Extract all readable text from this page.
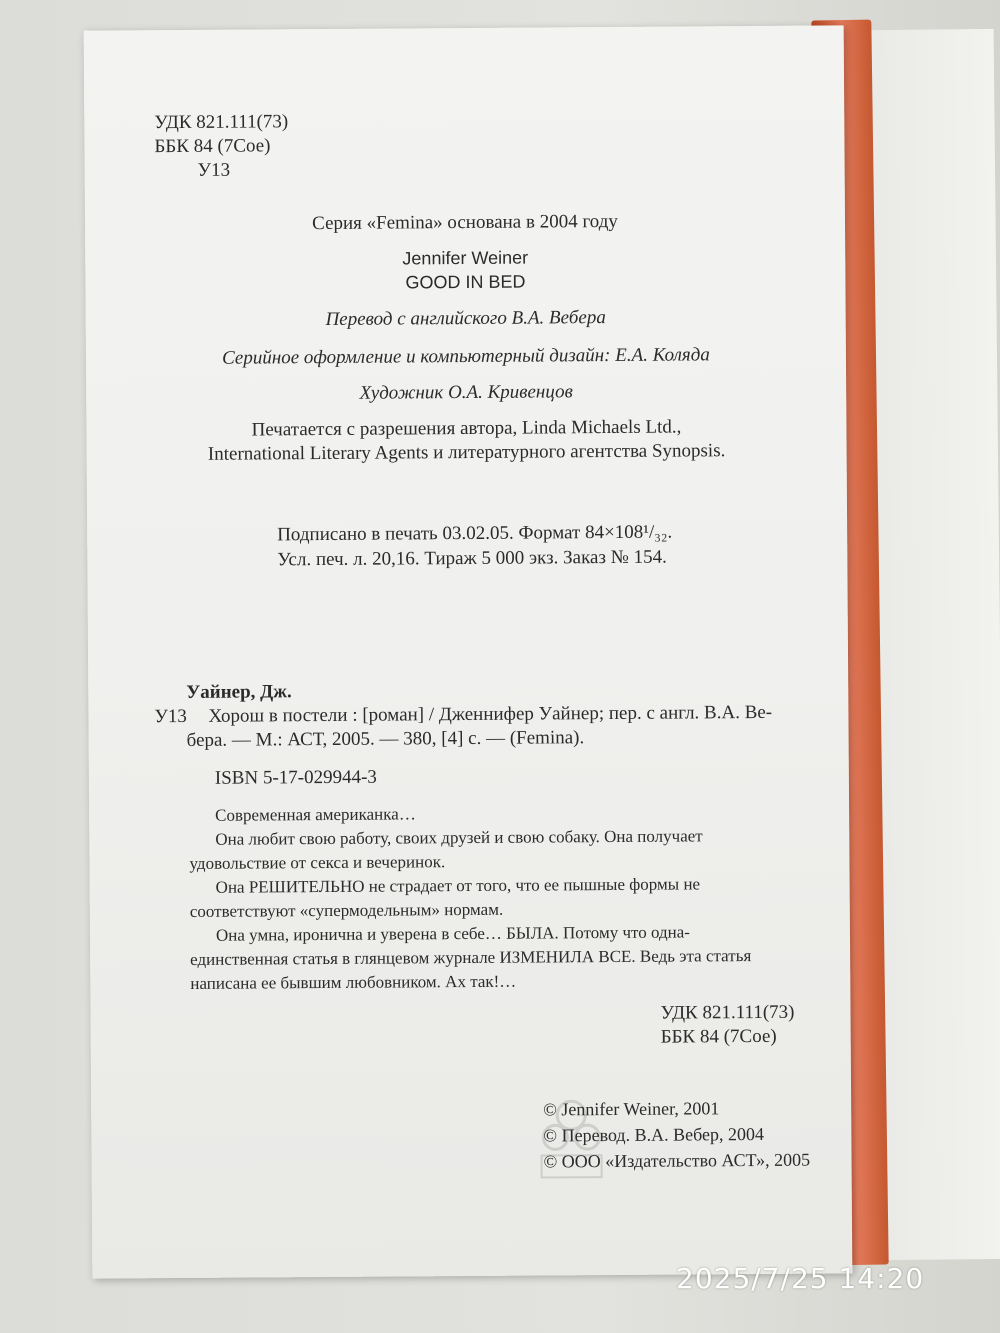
УДК 821.111(73)
ББК 84 (7Сое)
У13
Серия «Femina» основана в 2004 году
Jennifer Weiner
GOOD IN BED
Перевод с английского В.А. Вебера
Серийное оформление и компьютерный дизайн: Е.А. Коляда
Художник О.А. Кривенцов
Печатается с разрешения автора, Linda Michaels Ltd.,
International Literary Agents и литературного агентства Synopsis.
Подписано в печать 03.02.05. Формат 84×108¹/₃₂.
Усл. печ. л. 20,16. Тираж 5 000 экз. Заказ № 154.
Уайнер, Дж.
У13 Хорош в постели : [роман] / Дженнифер Уайнер; пер. с англ. В.А. Ве-
бера. — М.: АСТ, 2005. — 380, [4] с. — (Femina).
ISBN 5-17-029944-3
Современная американка…
Она любит свою работу, своих друзей и свою собаку. Она получает
удовольствие от секса и вечеринок.
Она РЕШИТЕЛЬНО не страдает от того, что ее пышные формы не
соответствуют «супермодельным» нормам.
Она умна, иронична и уверена в себе… БЫЛА. Потому что одна-
единственная статья в глянцевом журнале ИЗМЕНИЛА ВСЕ. Ведь эта статья
написана ее бывшим любовником. Ах так!…
УДК 821.111(73)
ББК 84 (7Сое)
© Jennifer Weiner, 2001
© Перевод. В.А. Вебер, 2004
© ООО «Издательство АСТ», 2005
2025/7/25 14:20
